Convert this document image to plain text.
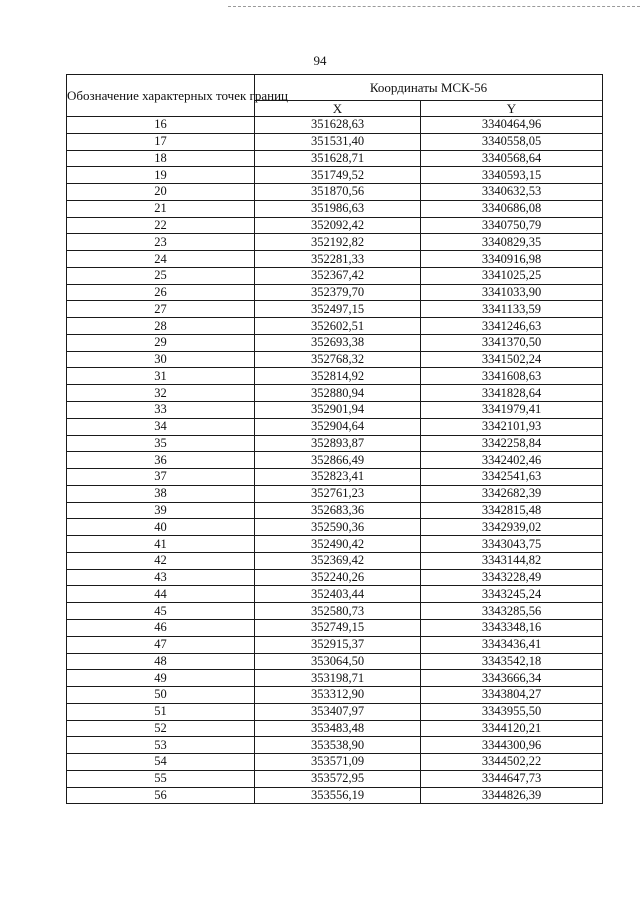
94
Обозначение характерных точек границ	Координаты МСК-56	
	X	Y
16	351628,63	3340464,96
17	351531,40	3340558,05
18	351628,71	3340568,64
19	351749,52	3340593,15
20	351870,56	3340632,53
21	351986,63	3340686,08
22	352092,42	3340750,79
23	352192,82	3340829,35
24	352281,33	3340916,98
25	352367,42	3341025,25
26	352379,70	3341033,90
27	352497,15	3341133,59
28	352602,51	3341246,63
29	352693,38	3341370,50
30	352768,32	3341502,24
31	352814,92	3341608,63
32	352880,94	3341828,64
33	352901,94	3341979,41
34	352904,64	3342101,93
35	352893,87	3342258,84
36	352866,49	3342402,46
37	352823,41	3342541,63
38	352761,23	3342682,39
39	352683,36	3342815,48
40	352590,36	3342939,02
41	352490,42	3343043,75
42	352369,42	3343144,82
43	352240,26	3343228,49
44	352403,44	3343245,24
45	352580,73	3343285,56
46	352749,15	3343348,16
47	352915,37	3343436,41
48	353064,50	3343542,18
49	353198,71	3343666,34
50	353312,90	3343804,27
51	353407,97	3343955,50
52	353483,48	3344120,21
53	353538,90	3344300,96
54	353571,09	3344502,22
55	353572,95	3344647,73
56	353556,19	3344826,39
